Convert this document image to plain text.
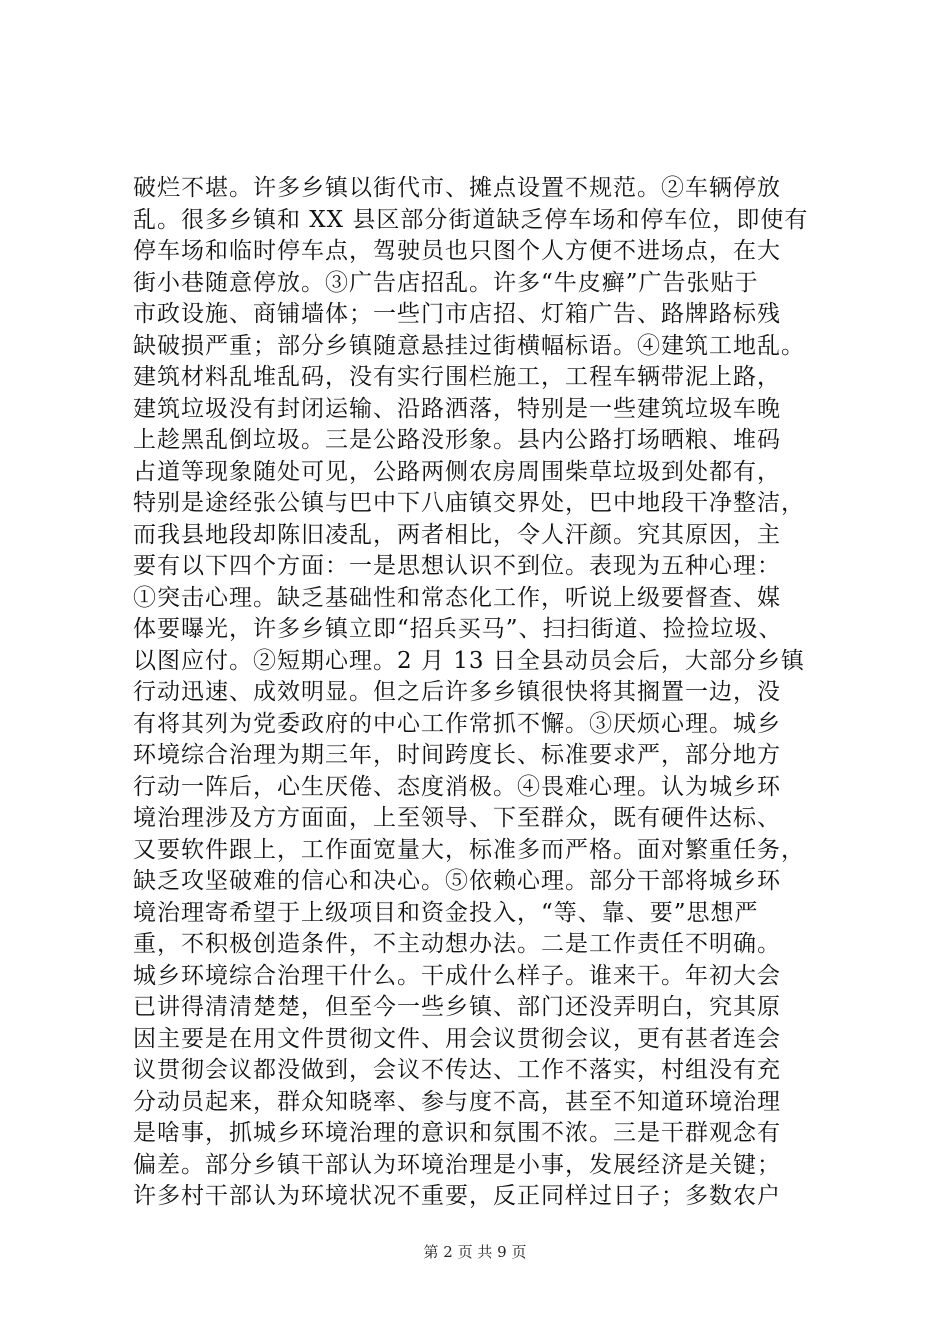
破烂不堪。许多乡镇以街代市、摊点设置不规范。②车辆停放
乱。很多乡镇和 XX 县区部分街道缺乏停车场和停车位，即使有
停车场和临时停车点，驾驶员也只图个人方便不进场点，在大
街小巷随意停放。③广告店招乱。许多“牛皮癣”广告张贴于
市政设施、商铺墙体；一些门市店招、灯箱广告、路牌路标残
缺破损严重；部分乡镇随意悬挂过街横幅标语。④建筑工地乱。
建筑材料乱堆乱码，没有实行围栏施工，工程车辆带泥上路，
建筑垃圾没有封闭运输、沿路洒落，特别是一些建筑垃圾车晚
上趁黑乱倒垃圾。三是公路没形象。县内公路打场晒粮、堆码
占道等现象随处可见，公路两侧农房周围柴草垃圾到处都有，
特别是途经张公镇与巴中下八庙镇交界处，巴中地段干净整洁，
而我县地段却陈旧凌乱，两者相比，令人汗颜。究其原因，主
要有以下四个方面：一是思想认识不到位。表现为五种心理：
①突击心理。缺乏基础性和常态化工作，听说上级要督查、媒
体要曝光，许多乡镇立即“招兵买马”、扫扫街道、捡捡垃圾、
以图应付。②短期心理。2 月 13 日全县动员会后，大部分乡镇
行动迅速、成效明显。但之后许多乡镇很快将其搁置一边，没
有将其列为党委政府的中心工作常抓不懈。③厌烦心理。城乡
环境综合治理为期三年，时间跨度长、标准要求严，部分地方
行动一阵后，心生厌倦、态度消极。④畏难心理。认为城乡环
境治理涉及方方面面，上至领导、下至群众，既有硬件达标、
又要软件跟上，工作面宽量大，标准多而严格。面对繁重任务，
缺乏攻坚破难的信心和决心。⑤依赖心理。部分干部将城乡环
境治理寄希望于上级项目和资金投入，“等、靠、要”思想严
重，不积极创造条件，不主动想办法。二是工作责任不明确。
城乡环境综合治理干什么。干成什么样子。谁来干。年初大会
已讲得清清楚楚，但至今一些乡镇、部门还没弄明白，究其原
因主要是在用文件贯彻文件、用会议贯彻会议，更有甚者连会
议贯彻会议都没做到，会议不传达、工作不落实，村组没有充
分动员起来，群众知晓率、参与度不高，甚至不知道环境治理
是啥事，抓城乡环境治理的意识和氛围不浓。三是干群观念有
偏差。部分乡镇干部认为环境治理是小事，发展经济是关键；
许多村干部认为环境状况不重要，反正同样过日子；多数农户
第 2 页 共 9 页
